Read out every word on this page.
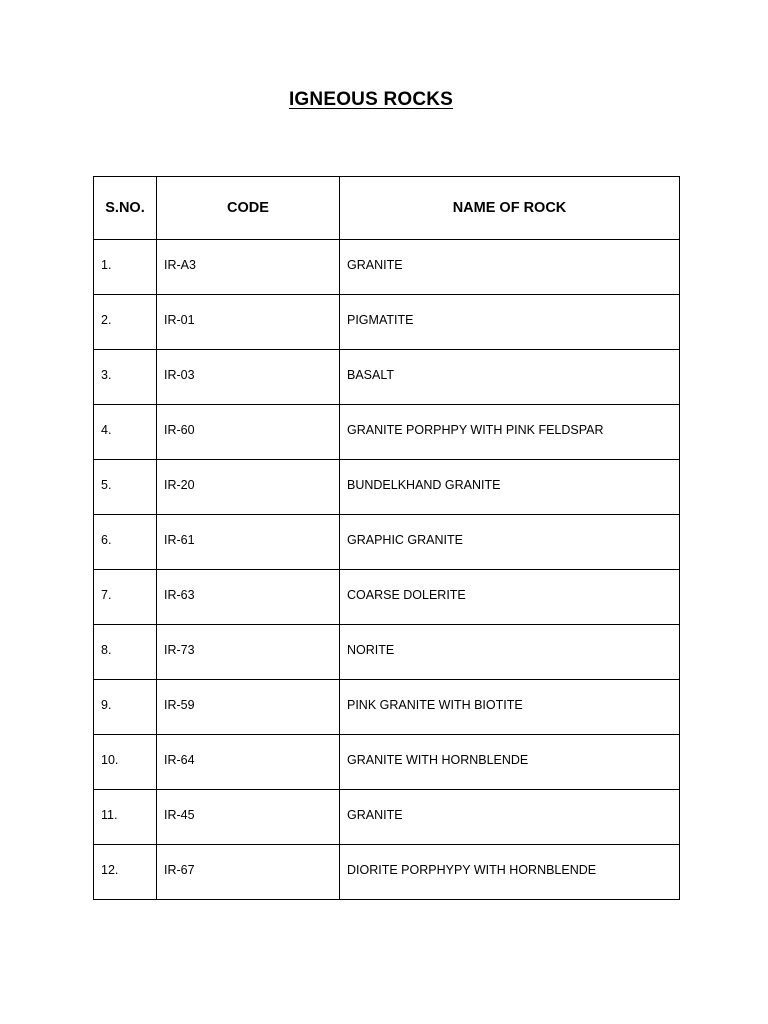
IGNEOUS ROCKS
S.NO.	CODE	NAME OF ROCK
1.	IR-A3	GRANITE
2.	IR-01	PIGMATITE
3.	IR-03	BASALT
4.	IR-60	GRANITE PORPHPY WITH PINK FELDSPAR
5.	IR-20	BUNDELKHAND GRANITE
6.	IR-61	GRAPHIC GRANITE
7.	IR-63	COARSE DOLERITE
8.	IR-73	NORITE
9.	IR-59	PINK GRANITE WITH BIOTITE
10.	IR-64	GRANITE WITH HORNBLENDE
11.	IR-45	GRANITE
12.	IR-67	DIORITE PORPHYPY WITH HORNBLENDE
